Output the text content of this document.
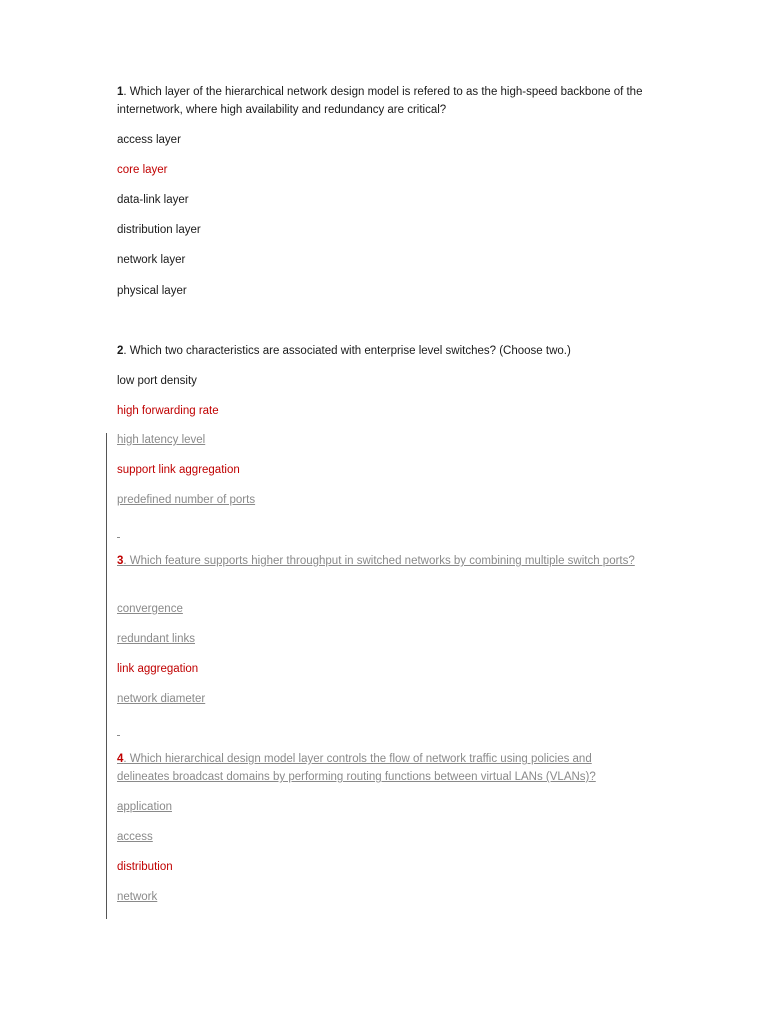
1. Which layer of the hierarchical network design model is refered to as the high-speed backbone of the internetwork, where high availability and redundancy are critical?
access layer
core layer
data-link layer
distribution layer
network layer
physical layer
2. Which two characteristics are associated with enterprise level switches? (Choose two.)
low port density
high forwarding rate
high latency level
support link aggregation
predefined number of ports
3. Which feature supports higher throughput in switched networks by combining multiple switch ports?
convergence
redundant links
link aggregation
network diameter
4. Which hierarchical design model layer controls the flow of network traffic using policies and delineates broadcast domains by performing routing functions between virtual LANs (VLANs)?
application
access
distribution
network
